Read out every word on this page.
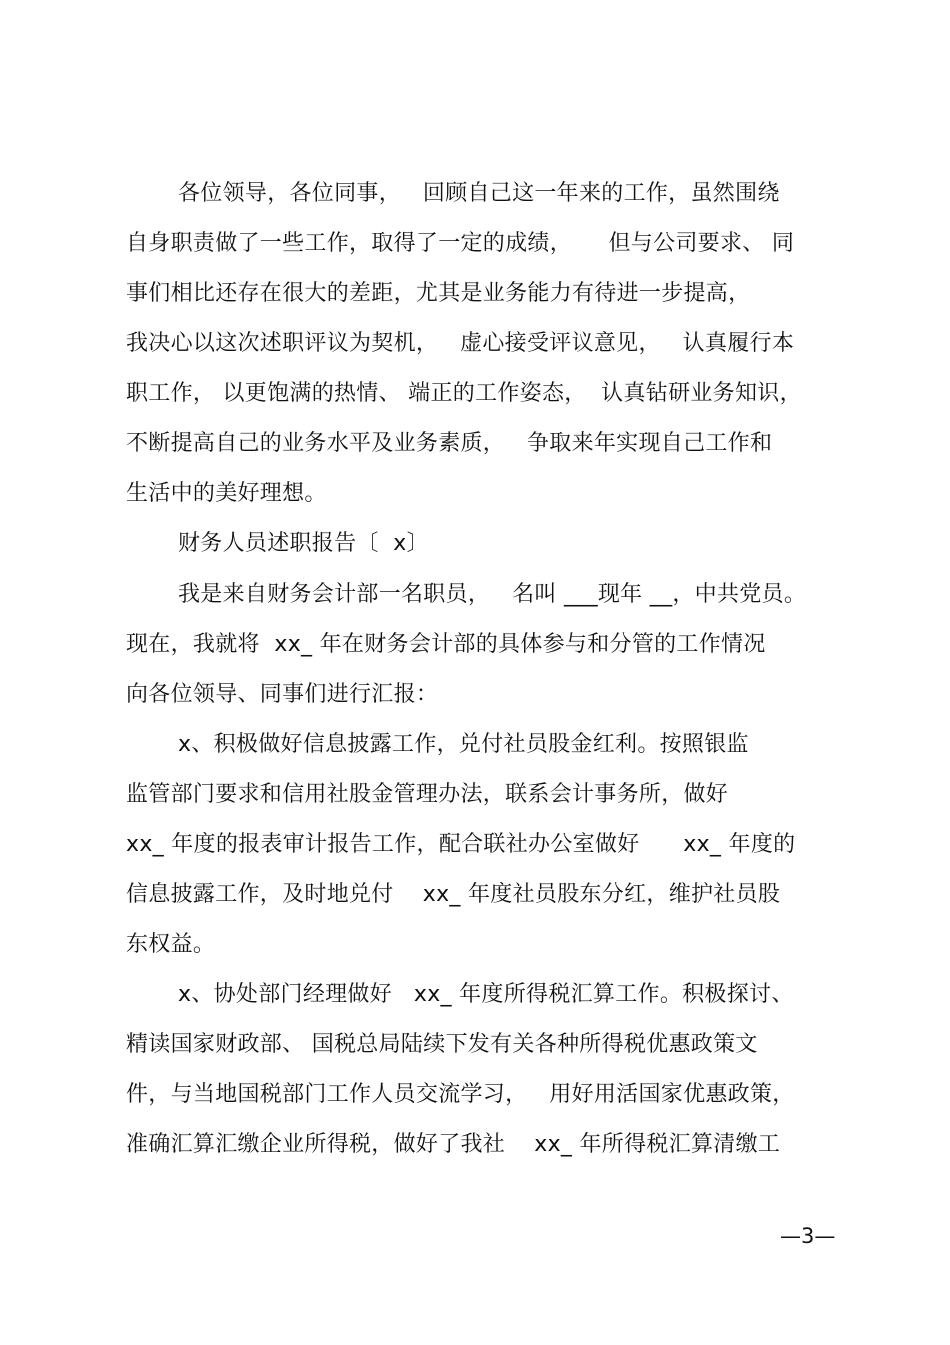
各位领导，各位同事，   回顾自己这一年来的工作，虽然围绕
自身职责做了一些工作，取得了一定的成绩，     但与公司要求、 同
事们相比还存在很大的差距，尤其是业务能力有待进一步提高，
我决心以这次述职评议为契机，   虚心接受评议意见，   认真履行本
职工作， 以更饱满的热情、 端正的工作姿态，  认真钻研业务知识，
不断提高自己的业务水平及业务素质，   争取来年实现自己工作和
生活中的美好理想。
财务人员述职报告〔  x〕
我是来自财务会计部一名职员，   名叫 ___现年 __，中共党员。
现在，我就将  xx_ 年在财务会计部的具体参与和分管的工作情况
向各位领导、同事们进行汇报：
x、积极做好信息披露工作，兑付社员股金红利。按照银监
监管部门要求和信用社股金管理办法，联系会计事务所，做好
xx_ 年度的报表审计报告工作，配合联社办公室做好      xx_ 年度的
信息披露工作，及时地兑付    xx_ 年度社员股东分红，维护社员股
东权益。
x、协处部门经理做好   xx_ 年度所得税汇算工作。积极探讨、
精读国家财政部、 国税总局陆续下发有关各种所得税优惠政策文
件，与当地国税部门工作人员交流学习，   用好用活国家优惠政策，
准确汇算汇缴企业所得税，做好了我社    xx_ 年所得税汇算清缴工
—3—
